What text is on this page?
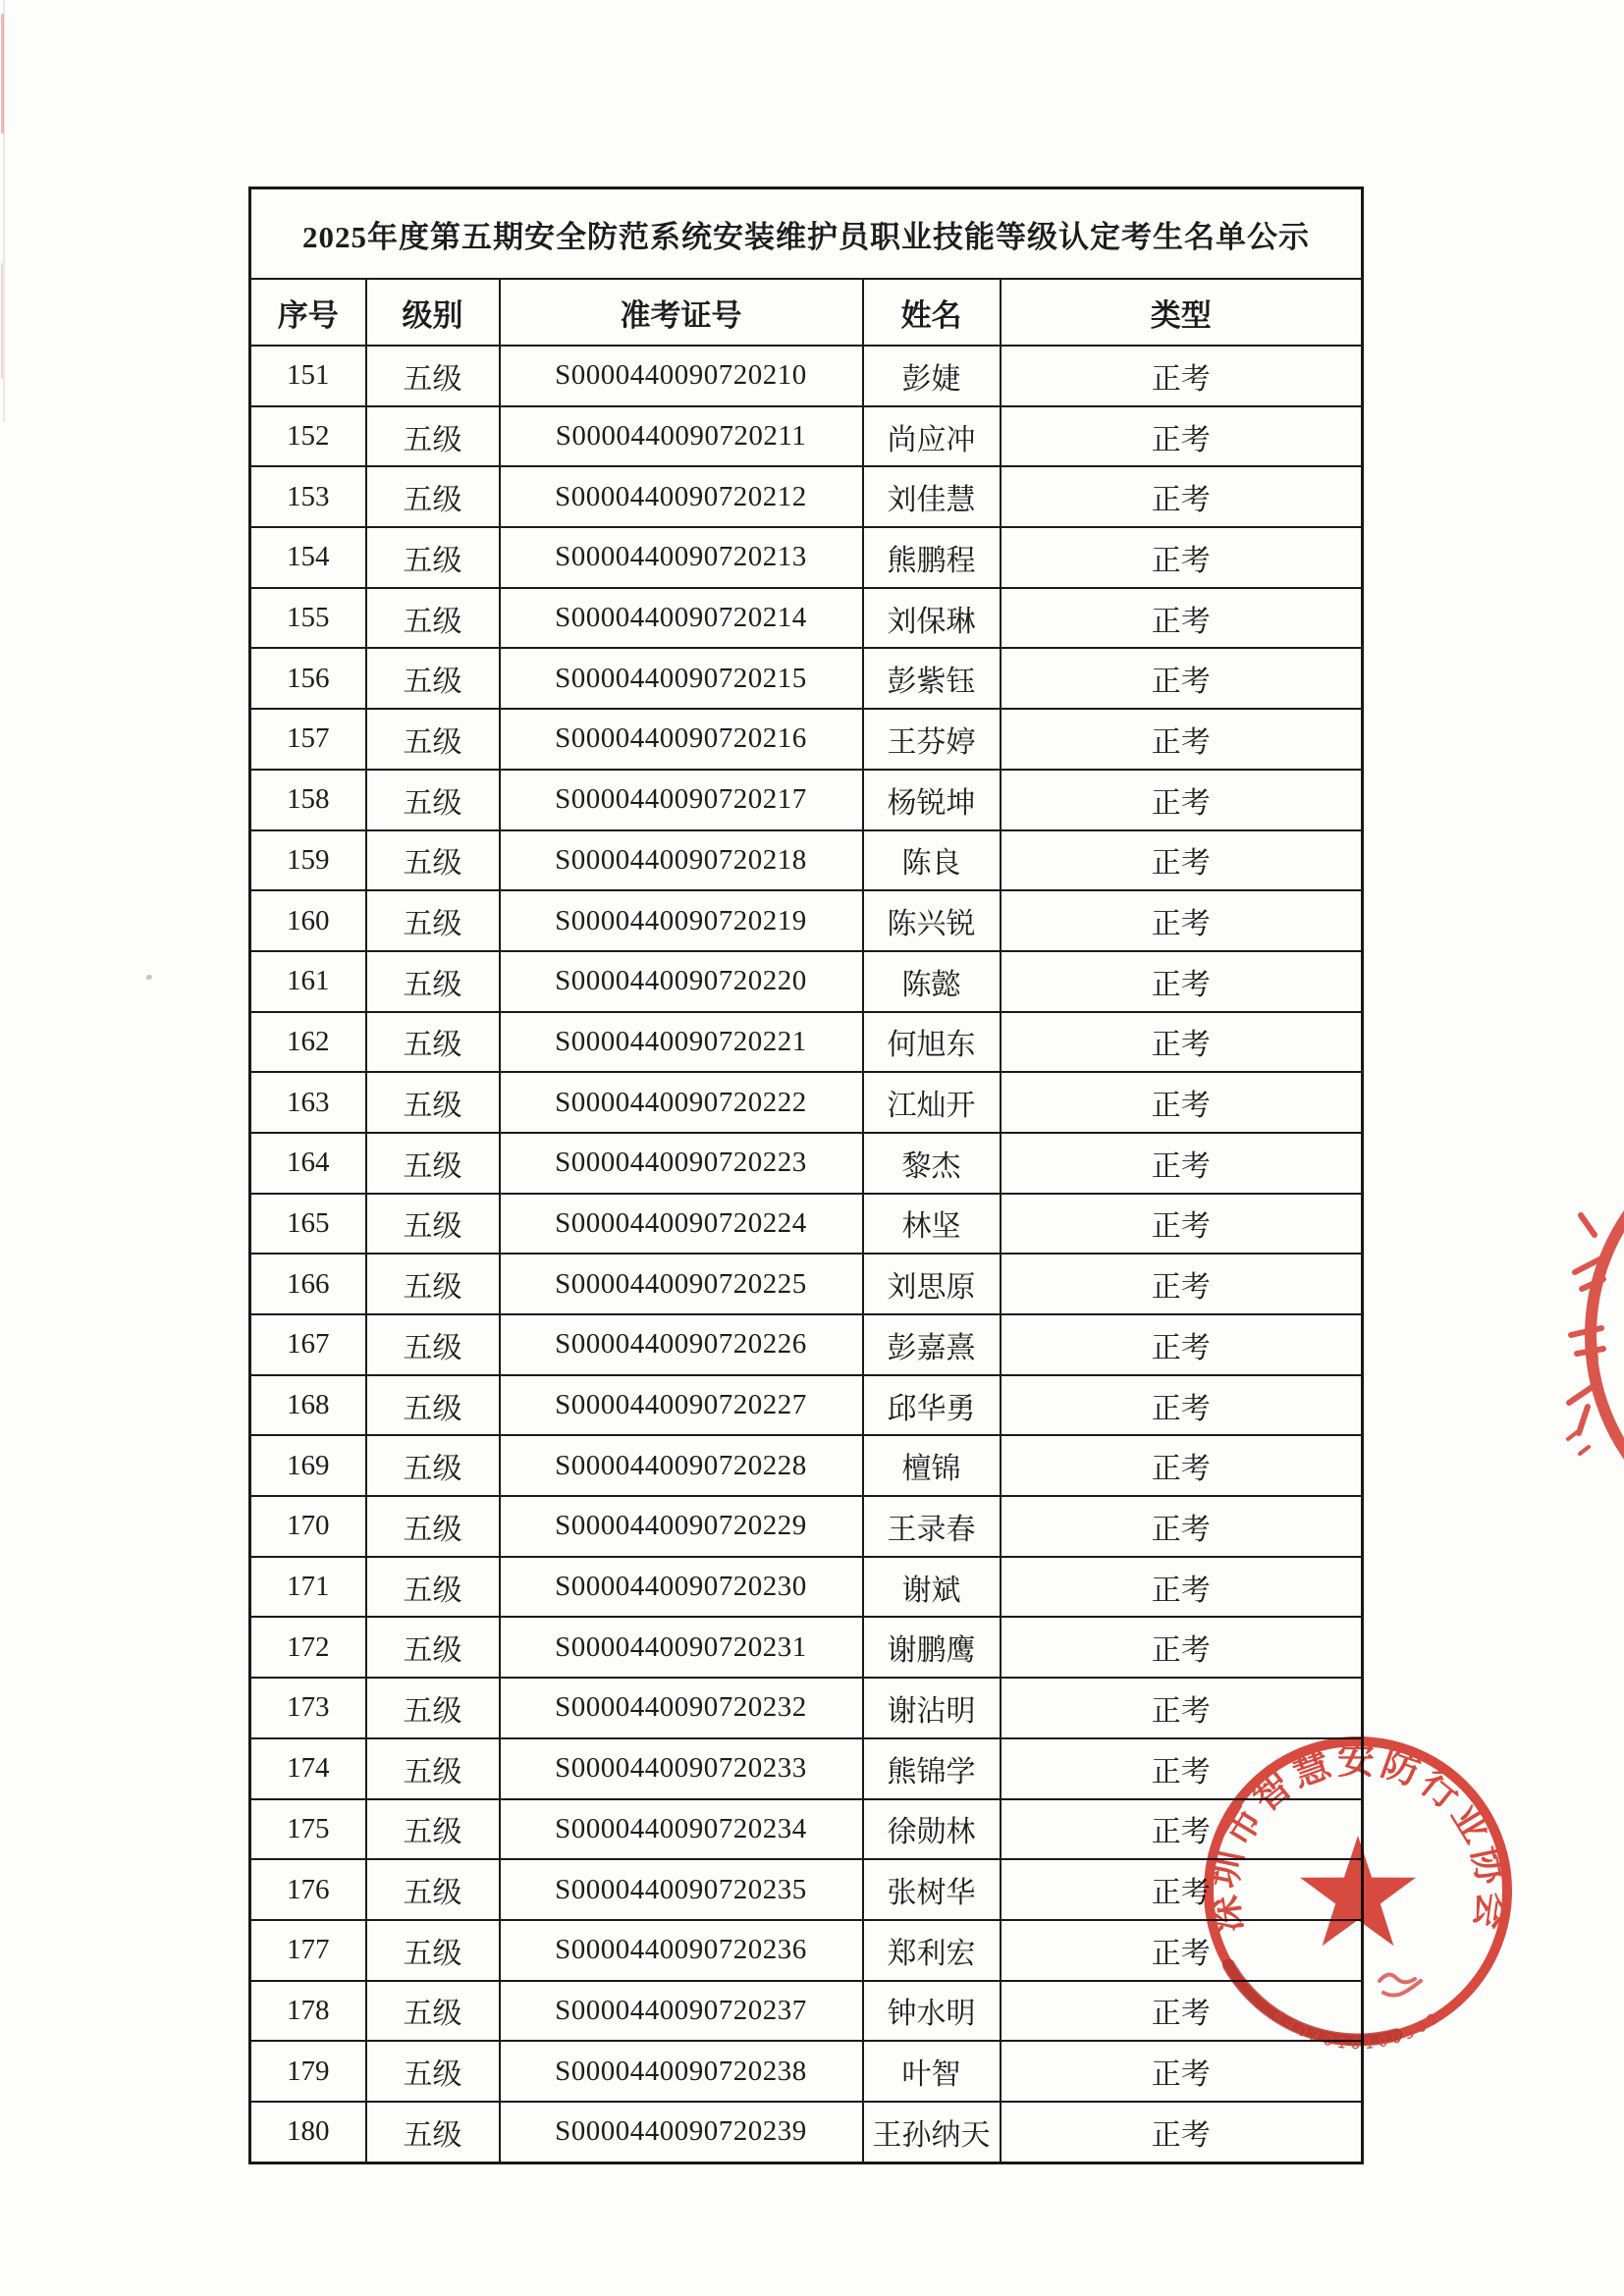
2025年度第五期安全防范系统安装维护员职业技能等级认定考生名单公示				
序号	级别	准考证号	姓名	类型
151	五级	S0000440090720210	彭婕	正考
152	五级	S0000440090720211	尚应冲	正考
153	五级	S0000440090720212	刘佳慧	正考
154	五级	S0000440090720213	熊鹏程	正考
155	五级	S0000440090720214	刘保琳	正考
156	五级	S0000440090720215	彭紫钰	正考
157	五级	S0000440090720216	王芬婷	正考
158	五级	S0000440090720217	杨锐坤	正考
159	五级	S0000440090720218	陈良	正考
160	五级	S0000440090720219	陈兴锐	正考
161	五级	S0000440090720220	陈懿	正考
162	五级	S0000440090720221	何旭东	正考
163	五级	S0000440090720222	江灿开	正考
164	五级	S0000440090720223	黎杰	正考
165	五级	S0000440090720224	林坚	正考
166	五级	S0000440090720225	刘思原	正考
167	五级	S0000440090720226	彭嘉熹	正考
168	五级	S0000440090720227	邱华勇	正考
169	五级	S0000440090720228	檀锦	正考
170	五级	S0000440090720229	王录春	正考
171	五级	S0000440090720230	谢斌	正考
172	五级	S0000440090720231	谢鹏鹰	正考
173	五级	S0000440090720232	谢沾明	正考
174	五级	S0000440090720233	熊锦学	正考
175	五级	S0000440090720234	徐勋林	正考
176	五级	S0000440090720235	张树华	正考
177	五级	S0000440090720236	郑利宏	正考
178	五级	S0000440090720237	钟水明	正考
179	五级	S0000440090720238	叶智	正考
180	五级	S0000440090720239	王孙纳天	正考
深圳市智慧安防行业协会
4403010100502
